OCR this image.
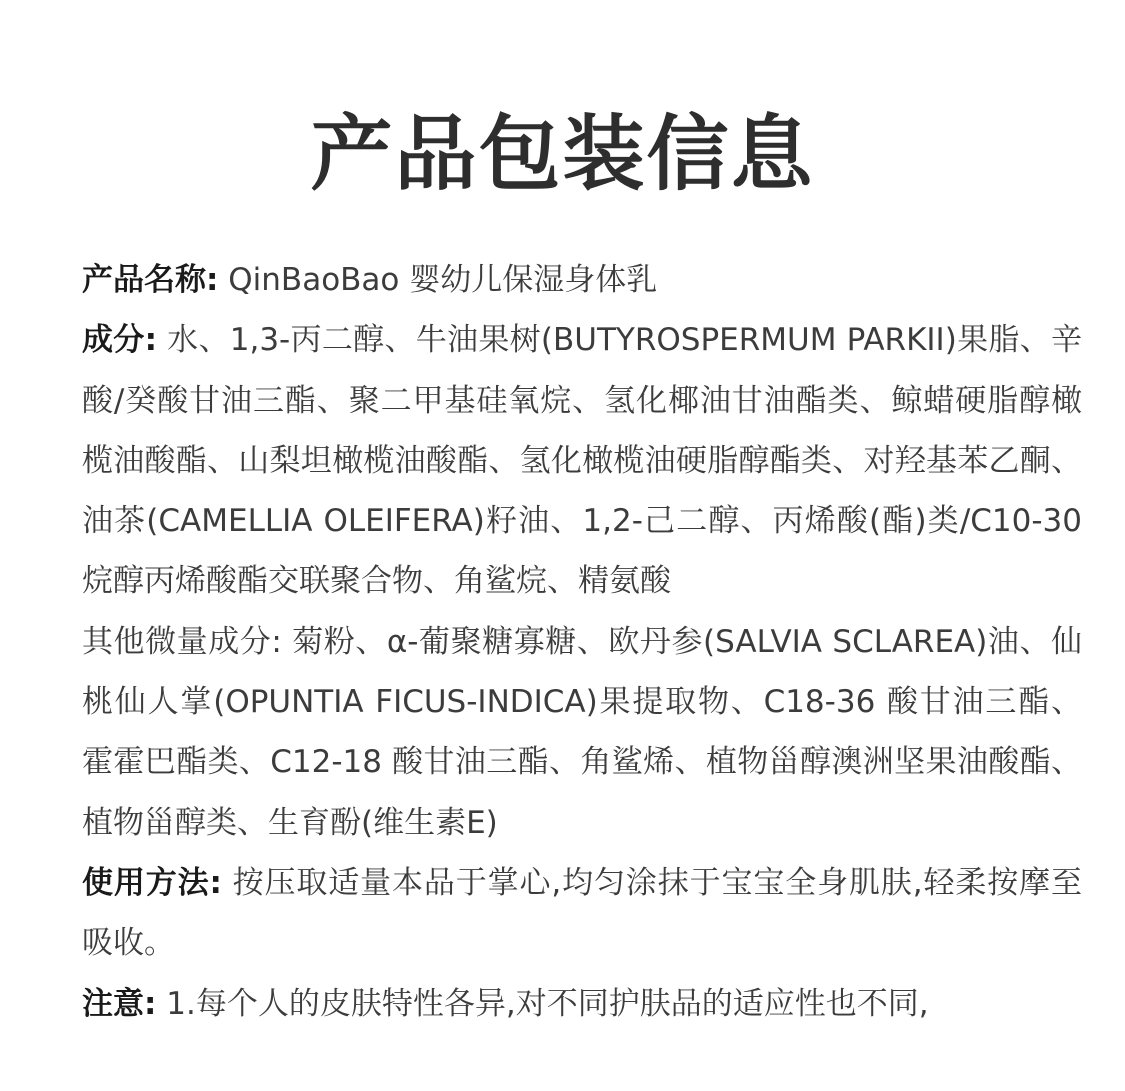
产品包装信息

产品名称: QinBaoBao 婴幼儿保湿身体乳

成分: 水、1,3-丙二醇、牛油果树(BUTYROSPERMUM PARKII)果脂、辛酸/癸酸甘油三酯、聚二甲基硅氧烷、氢化椰油甘油酯类、鲸蜡硬脂醇橄榄油酸酯、山梨坦橄榄油酸酯、氢化橄榄油硬脂醇酯类、对羟基苯乙酮、油茶(CAMELLIA OLEIFERA)籽油、1,2-己二醇、丙烯酸(酯)类/C10-30 烷醇丙烯酸酯交联聚合物、角鲨烷、精氨酸

其他微量成分: 菊粉、α-葡聚糖寡糖、欧丹参(SALVIA SCLAREA)油、仙桃仙人掌(OPUNTIA FICUS-INDICA)果提取物、C18-36 酸甘油三酯、霍霍巴酯类、C12-18 酸甘油三酯、角鲨烯、植物甾醇澳洲坚果油酸酯、植物甾醇类、生育酚(维生素E)

使用方法: 按压取适量本品于掌心,均匀涂抹于宝宝全身肌肤,轻柔按摩至吸收。

注意: 1.每个人的皮肤特性各异,对不同护肤品的适应性也不同,
